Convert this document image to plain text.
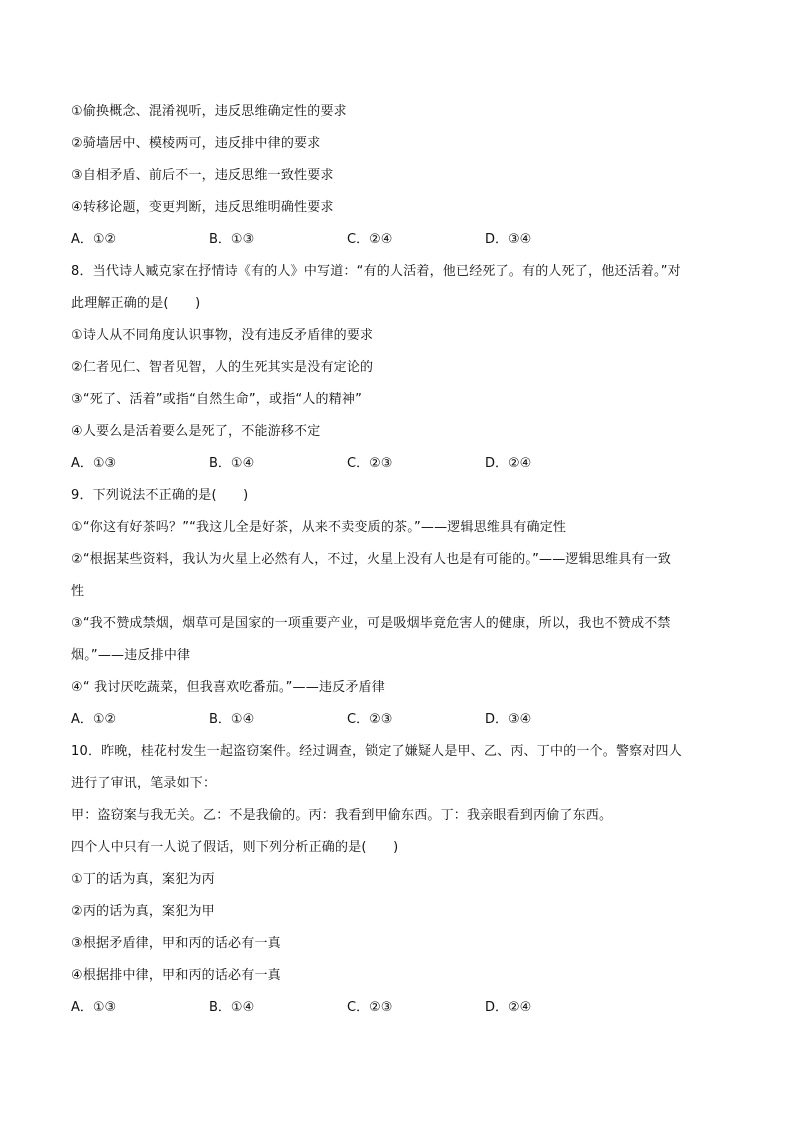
①偷换概念、混淆视听，违反思维确定性的要求
②骑墙居中、模棱两可，违反排中律的要求
③自相矛盾、前后不一，违反思维一致性要求
④转移论题，变更判断，违反思维明确性要求
A．①②	B．①③	C．②④	D．③④
8．当代诗人臧克家在抒情诗《有的人》中写道：“有的人活着，他已经死了。有的人死了，他还活着。”对
此理解正确的是(　　)
①诗人从不同角度认识事物，没有违反矛盾律的要求
②仁者见仁、智者见智，人的生死其实是没有定论的
③“死了、活着”或指“自然生命”，或指“人的精神”
④人要么是活着要么是死了，不能游移不定
A．①③	B．①④	C．②③	D．②④
9．下列说法不正确的是(　　)
①“你这有好茶吗？”“我这儿全是好茶，从来不卖变质的茶。”——逻辑思维具有确定性
②“根据某些资料，我认为火星上必然有人，不过，火星上没有人也是有可能的。”——逻辑思维具有一致
性
③“我不赞成禁烟，烟草可是国家的一项重要产业，可是吸烟毕竟危害人的健康，所以，我也不赞成不禁
烟。”——违反排中律
④“ 我讨厌吃蔬菜，但我喜欢吃番茄。”——违反矛盾律
A．①②	B．①④	C．②③	D．③④
10．昨晚，桂花村发生一起盗窃案件。经过调查，锁定了嫌疑人是甲、乙、丙、丁中的一个。警察对四人
进行了审讯，笔录如下：
甲：盗窃案与我无关。乙：不是我偷的。丙：我看到甲偷东西。丁：我亲眼看到丙偷了东西。
四个人中只有一人说了假话，则下列分析正确的是(　　)
①丁的话为真，案犯为丙
②丙的话为真，案犯为甲
③根据矛盾律，甲和丙的话必有一真
④根据排中律，甲和丙的话必有一真
A．①③	B．①④	C．②③	D．②④
